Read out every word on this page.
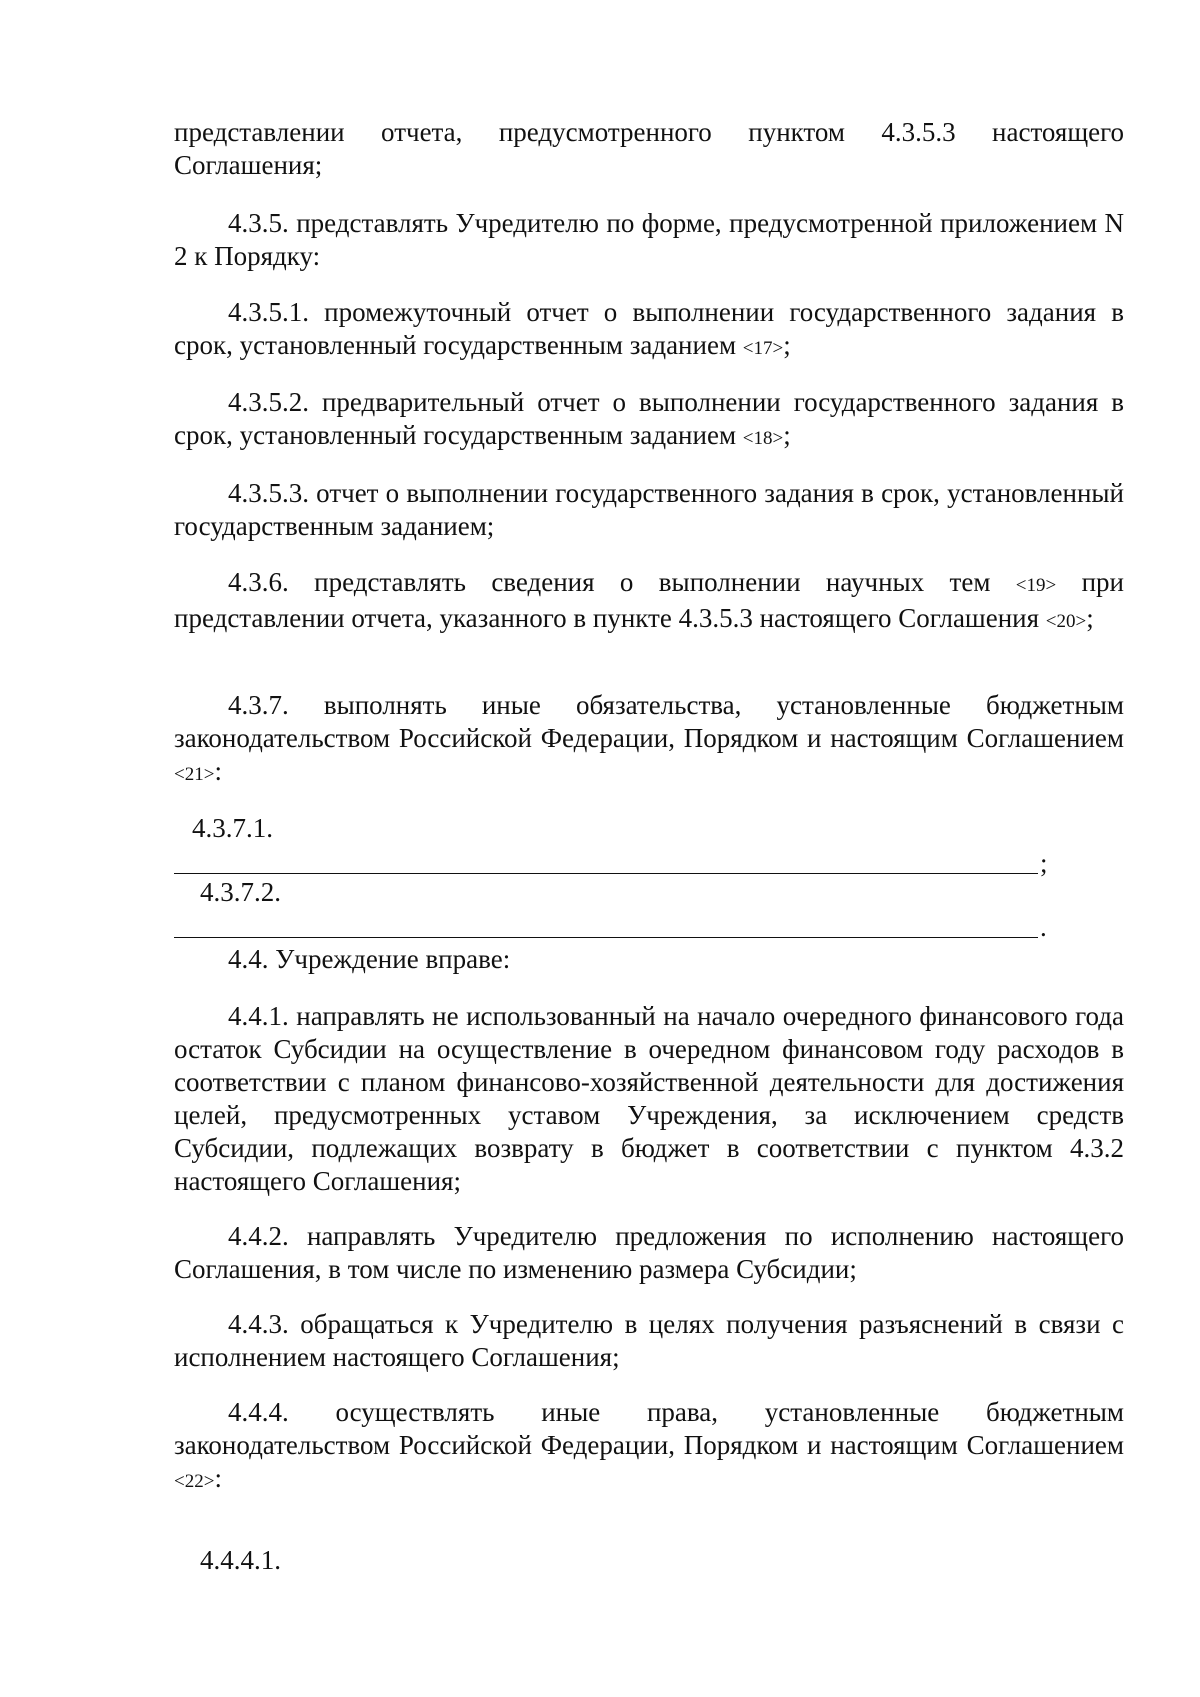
представлении отчета, предусмотренного пунктом 4.3.5.3 настоящего Соглашения;

4.3.5. представлять Учредителю по форме, предусмотренной приложением N 2 к Порядку:

4.3.5.1. промежуточный отчет о выполнении государственного задания в срок, установленный государственным заданием <17>;

4.3.5.2. предварительный отчет о выполнении государственного задания в срок, установленный государственным заданием <18>;

4.3.5.3. отчет о выполнении государственного задания в срок, установленный государственным заданием;

4.3.6. представлять сведения о выполнении научных тем <19> при представлении отчета, указанного в пункте 4.3.5.3 настоящего Соглашения <20>;

4.3.7. выполнять иные обязательства, установленные бюджетным законодательством Российской Федерации, Порядком и настоящим Соглашением <21>:

4.3.7.1.

;

4.3.7.2.

.

4.4. Учреждение вправе:

4.4.1. направлять не использованный на начало очередного финансового года остаток Субсидии на осуществление в очередном финансовом году расходов в соответствии с планом финансово-хозяйственной деятельности для достижения целей, предусмотренных уставом Учреждения, за исключением средств Субсидии, подлежащих возврату в бюджет в соответствии с пунктом 4.3.2 настоящего Соглашения;

4.4.2. направлять Учредителю предложения по исполнению настоящего Соглашения, в том числе по изменению размера Субсидии;

4.4.3. обращаться к Учредителю в целях получения разъяснений в связи с исполнением настоящего Соглашения;

4.4.4. осуществлять иные права, установленные бюджетным законодательством Российской Федерации, Порядком и настоящим Соглашением <22>:

4.4.4.1.
